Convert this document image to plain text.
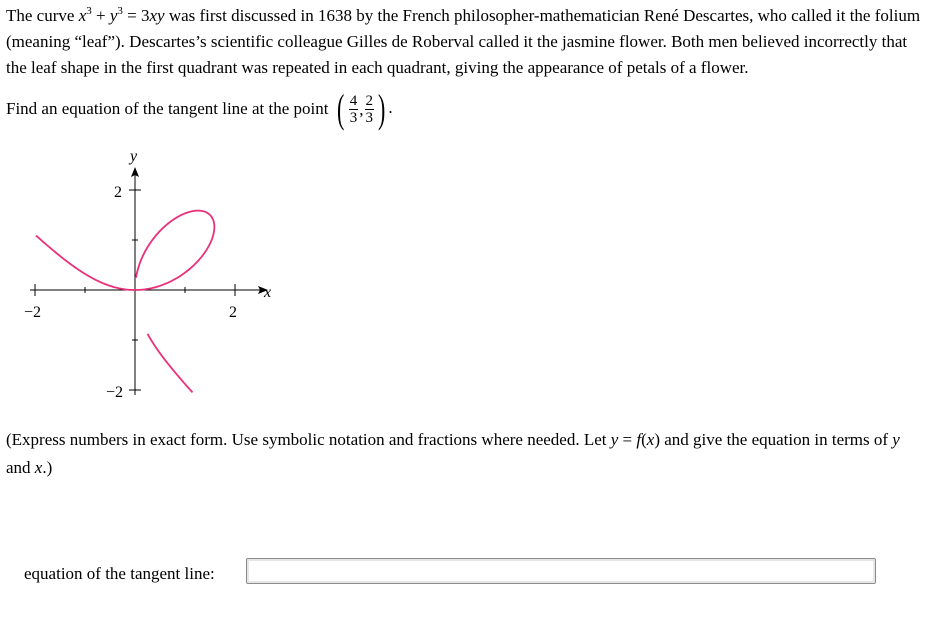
The curve $x^3 + y^3 = 3xy$ was first discussed in 1638 by the French philosopher-mathematician René Descartes, who called it the folium (meaning “leaf”). Descartes’s scientific colleague Gilles de Roberval called it the jasmine flower. Both men believed incorrectly that the leaf shape in the first quadrant was repeated in each quadrant, giving the appearance of petals of a flower.
Find an equation of the tangent line at the point ( $\frac{4}{3}$ , $\frac{2}{3}$ ) .
y
x
2
−2
−2	2
(Express numbers in exact form. Use symbolic notation and fractions where needed. Let y = f(x) and give the equation in terms of y and x.)
equation of the tangent line:
